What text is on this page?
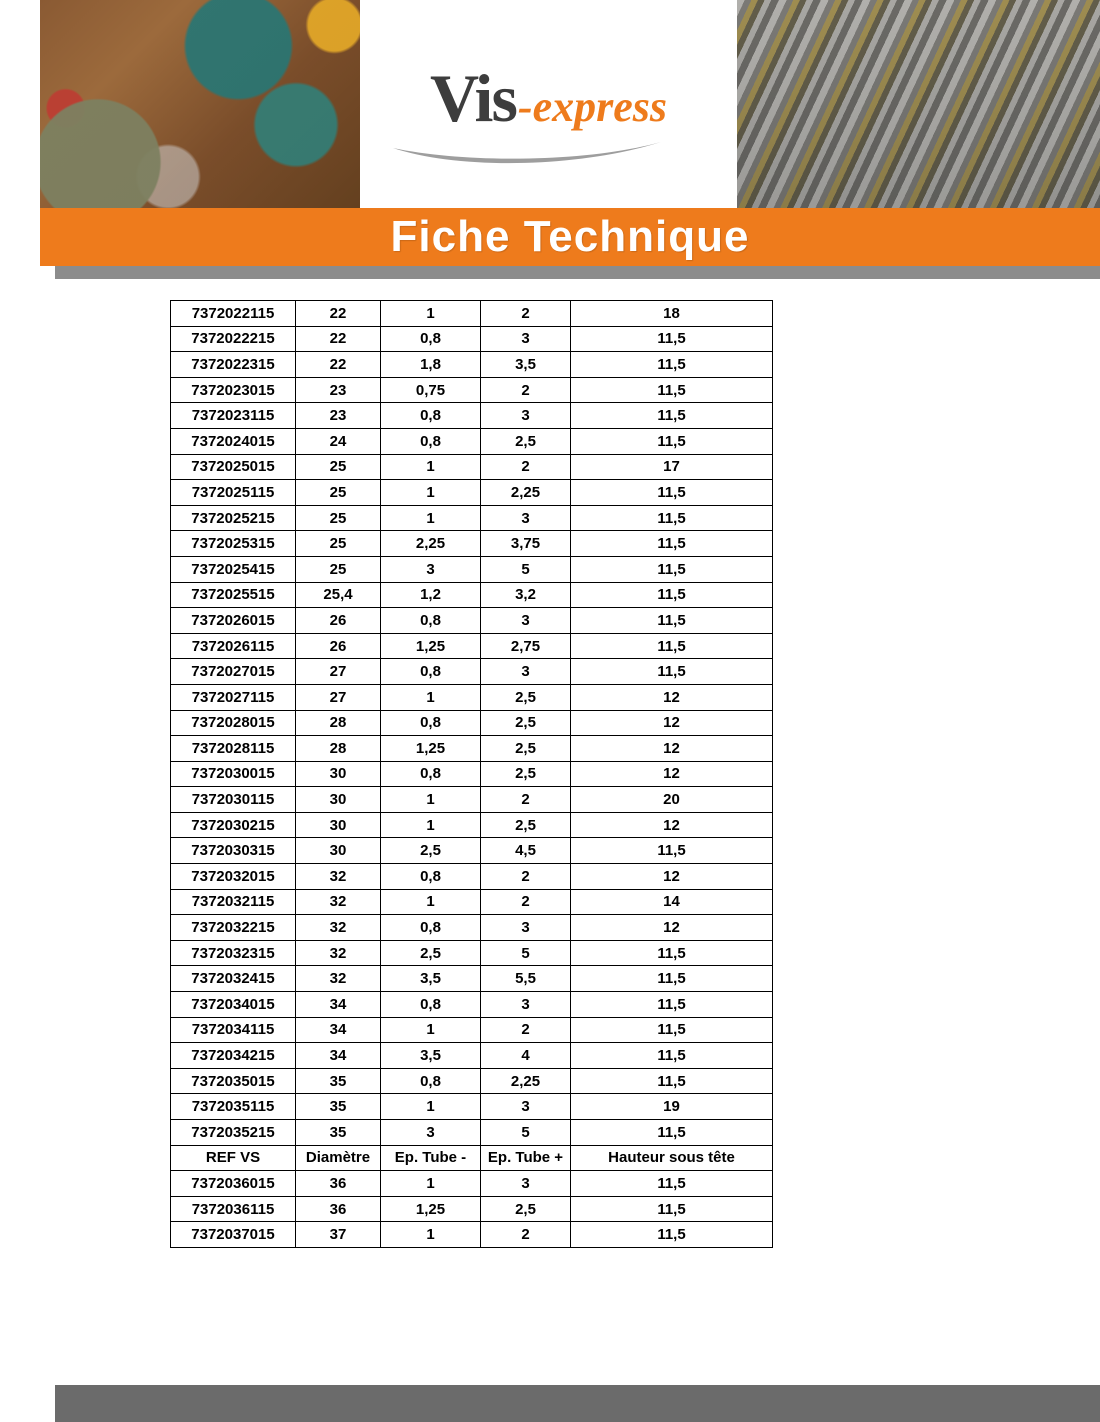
Vis -express
Fiche Technique
7372022115	22	1	2	18
7372022215	22	0,8	3	11,5
7372022315	22	1,8	3,5	11,5
7372023015	23	0,75	2	11,5
7372023115	23	0,8	3	11,5
7372024015	24	0,8	2,5	11,5
7372025015	25	1	2	17
7372025115	25	1	2,25	11,5
7372025215	25	1	3	11,5
7372025315	25	2,25	3,75	11,5
7372025415	25	3	5	11,5
7372025515	25,4	1,2	3,2	11,5
7372026015	26	0,8	3	11,5
7372026115	26	1,25	2,75	11,5
7372027015	27	0,8	3	11,5
7372027115	27	1	2,5	12
7372028015	28	0,8	2,5	12
7372028115	28	1,25	2,5	12
7372030015	30	0,8	2,5	12
7372030115	30	1	2	20
7372030215	30	1	2,5	12
7372030315	30	2,5	4,5	11,5
7372032015	32	0,8	2	12
7372032115	32	1	2	14
7372032215	32	0,8	3	12
7372032315	32	2,5	5	11,5
7372032415	32	3,5	5,5	11,5
7372034015	34	0,8	3	11,5
7372034115	34	1	2	11,5
7372034215	34	3,5	4	11,5
7372035015	35	0,8	2,25	11,5
7372035115	35	1	3	19
7372035215	35	3	5	11,5
REF VS	Diamètre	Ep. Tube -	Ep. Tube +	Hauteur sous tête
7372036015	36	1	3	11,5
7372036115	36	1,25	2,5	11,5
7372037015	37	1	2	11,5
